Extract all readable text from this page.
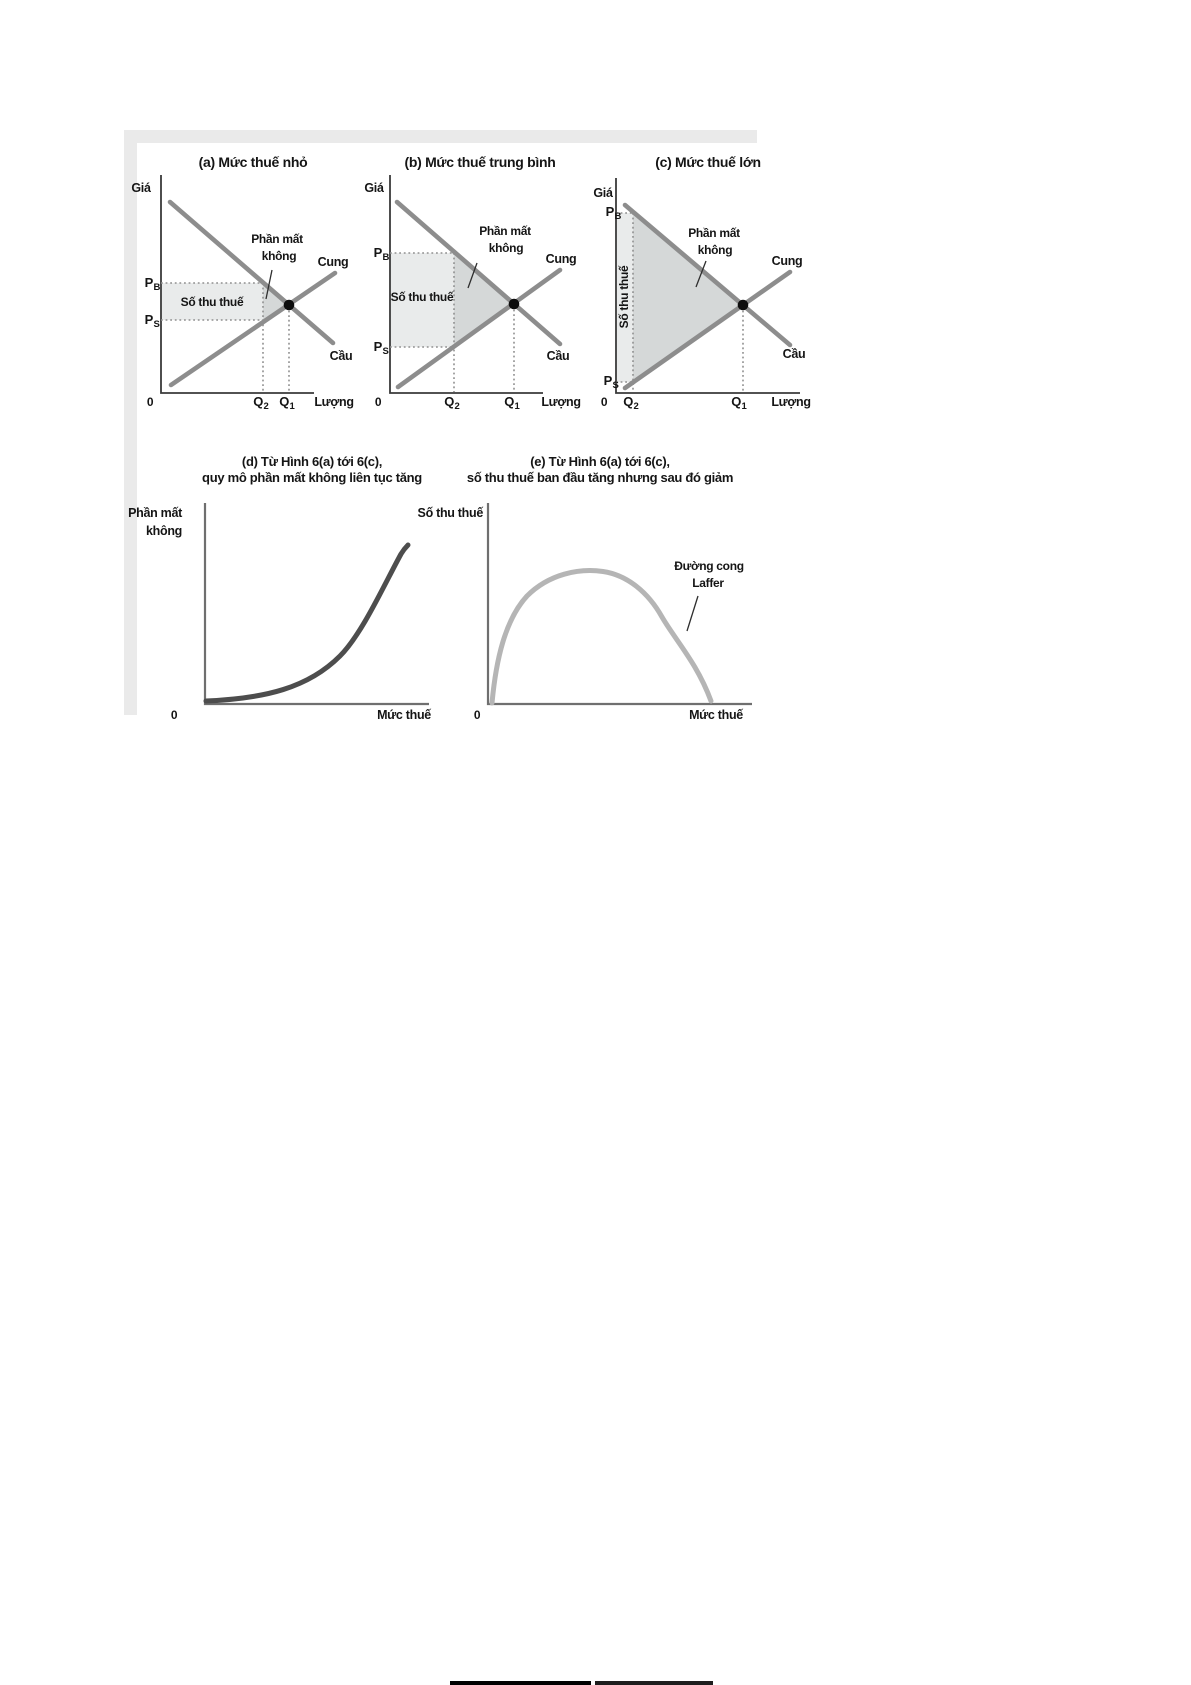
(a) Mức thuế nhỏ
Giá
P B
P S
Số thu thuế
Phần mất
không Cung
Cầu
0	Q 2 Q 1 Lượng
(b) Mức thuế trung bình
Giá
P B
P S
Số thu thuế
Phần mất
không
Cung
Cầu
0	Q 2	Q 1 Lượng
(c) Mức thuế lớn
Giá
P B
P S
Số thu thuế
Phần mất
không
Cung
Cầu
0 Q 2	Q 1 Lượng
(d) Từ Hình 6(a) tới 6(c),
quy mô phần mất không liên tục tăng
Phần mất
không
0	Mức thuế
(e) Từ Hình 6(a) tới 6(c),
số thu thuế ban đầu tăng nhưng sau đó giảm
Số thu thuế
Đường cong
Laffer
0	Mức thuế
